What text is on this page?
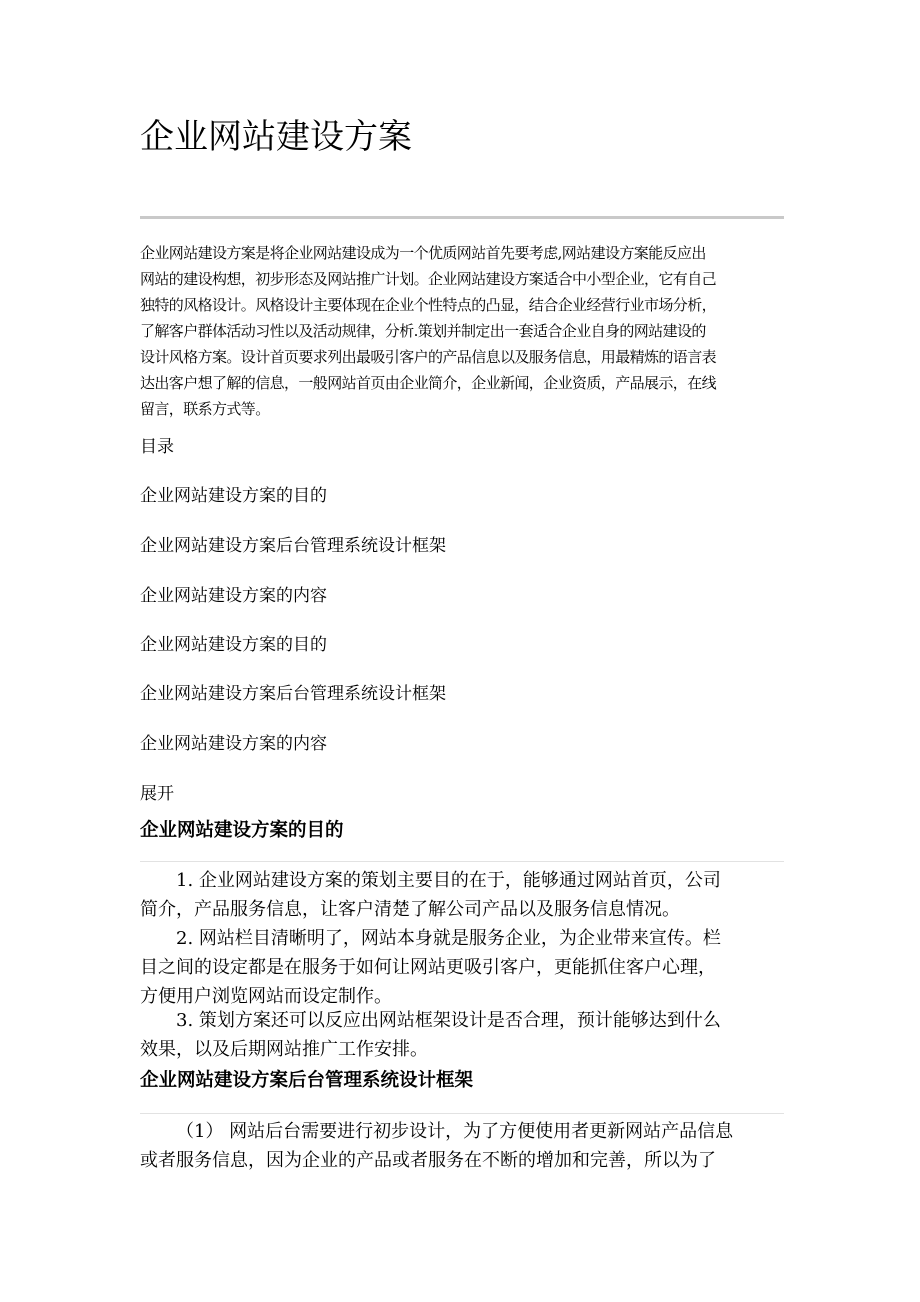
企业网站建设方案

企业网站建设方案是将企业网站建设成为一个优质网站首先要考虑,网站建设方案能反应出
网站的建设构想，初步形态及网站推广计划。企业网站建设方案适合中小型企业，它有自己
独特的风格设计。风格设计主要体现在企业个性特点的凸显，结合企业经营行业市场分析，
了解客户群体活动习性以及活动规律，分析.策划并制定出一套适合企业自身的网站建设的
设计风格方案。设计首页要求列出最吸引客户的产品信息以及服务信息，用最精炼的语言表
达出客户想了解的信息，一般网站首页由企业简介，企业新闻，企业资质，产品展示，在线
留言，联系方式等。

目录
企业网站建设方案的目的
企业网站建设方案后台管理系统设计框架
企业网站建设方案的内容
企业网站建设方案的目的
企业网站建设方案后台管理系统设计框架
企业网站建设方案的内容
展开
企业网站建设方案的目的

1. 企业网站建设方案的策划主要目的在于，能够通过网站首页，公司
简介，产品服务信息，让客户清楚了解公司产品以及服务信息情况。

2. 网站栏目清晰明了，网站本身就是服务企业，为企业带来宣传。栏
目之间的设定都是在服务于如何让网站更吸引客户，更能抓住客户心理，
方便用户浏览网站而设定制作。

3. 策划方案还可以反应出网站框架设计是否合理，预计能够达到什么
效果，以及后期网站推广工作安排。

企业网站建设方案后台管理系统设计框架

（1） 网站后台需要进行初步设计，为了方便使用者更新网站产品信息
或者服务信息，因为企业的产品或者服务在不断的增加和完善，所以为了
